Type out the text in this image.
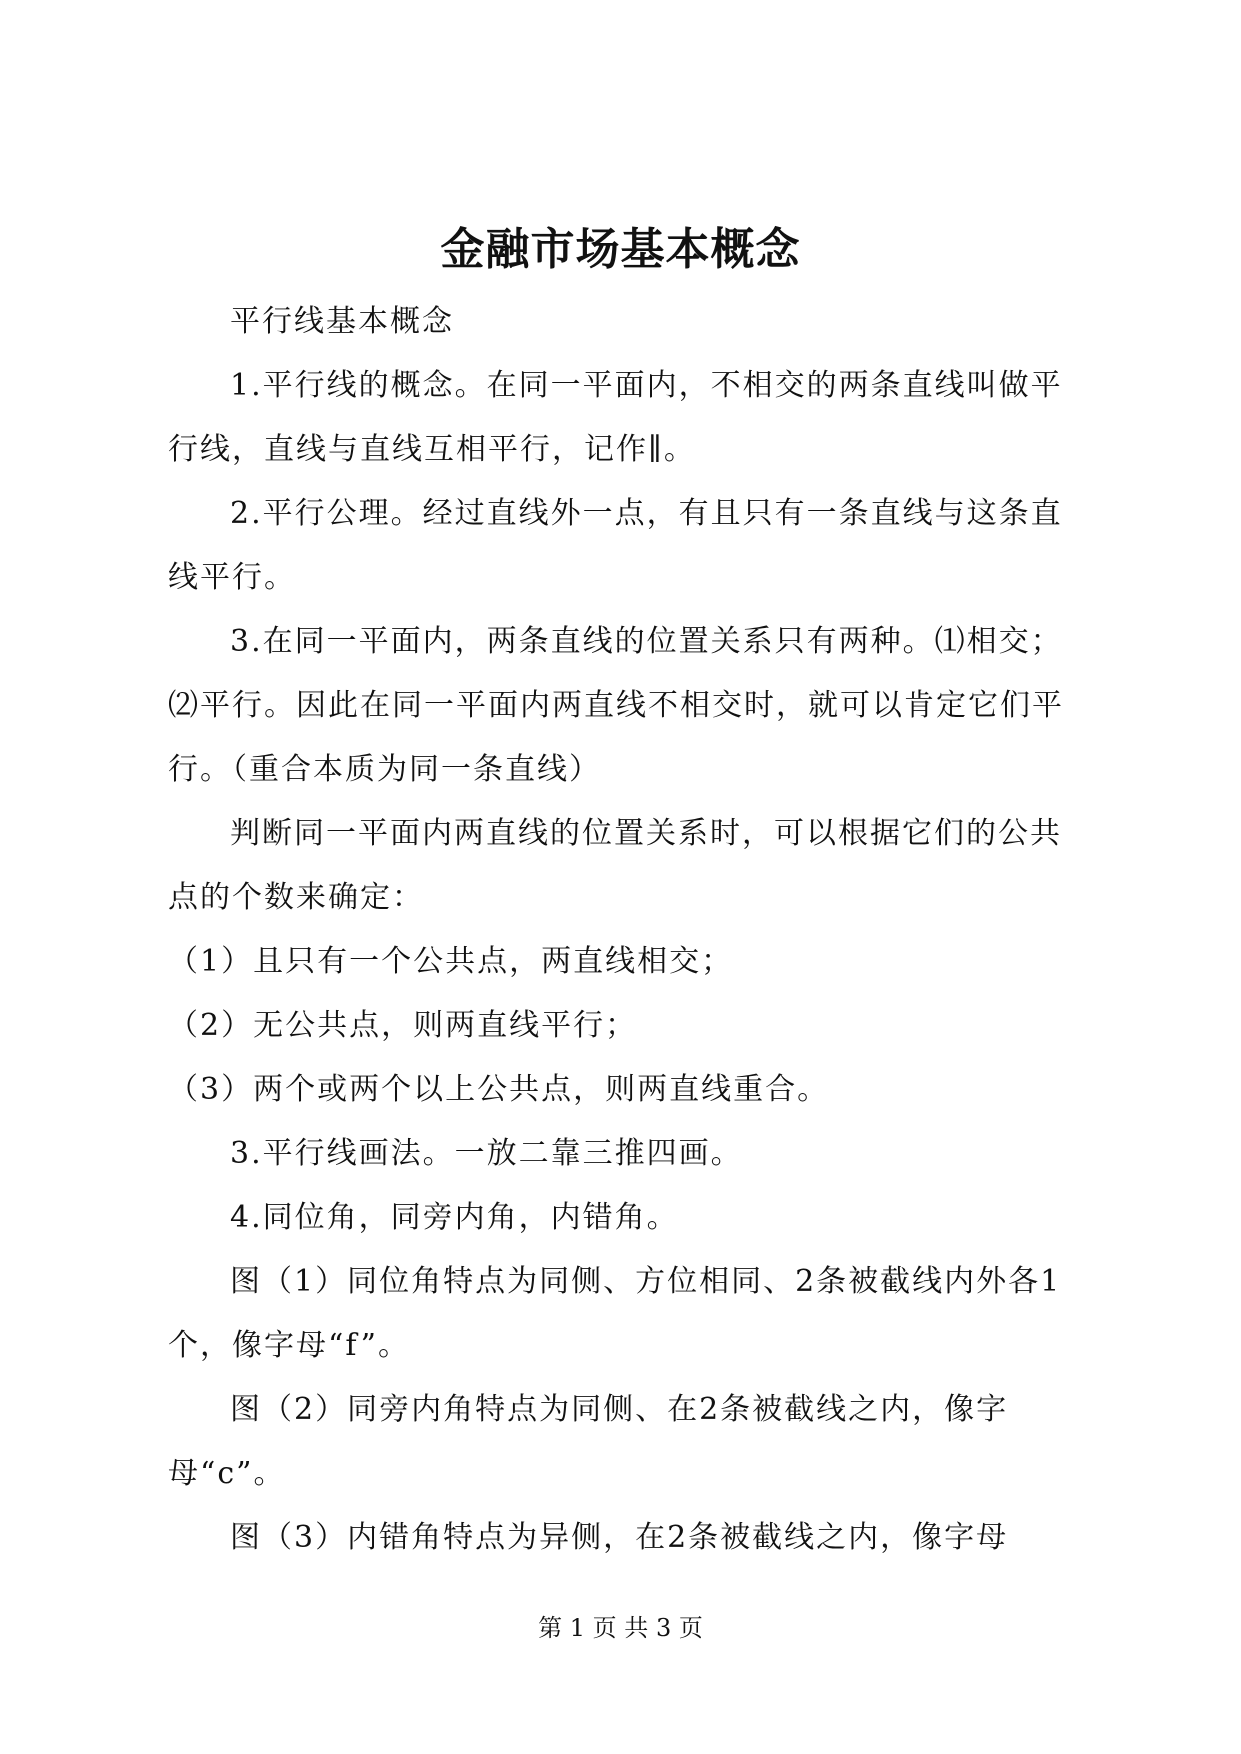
金融市场基本概念

平行线基本概念

1.平行线的概念。在同一平面内，不相交的两条直线叫做平行线，直线与直线互相平行，记作∥。

2.平行公理。经过直线外一点，有且只有一条直线与这条直线平行。

3.在同一平面内，两条直线的位置关系只有两种。⑴相交；⑵平行。因此在同一平面内两直线不相交时，就可以肯定它们平行。（重合本质为同一条直线）

判断同一平面内两直线的位置关系时，可以根据它们的公共点的个数来确定：

（1）且只有一个公共点，两直线相交；

（2）无公共点，则两直线平行；

（3）两个或两个以上公共点，则两直线重合。

3.平行线画法。一放二靠三推四画。

4.同位角，同旁内角，内错角。

图（1）同位角特点为同侧、方位相同、2条被截线内外各1个，像字母“f”。

图（2）同旁内角特点为同侧、在2条被截线之内，像字母“c”。

图（3）内错角特点为异侧，在2条被截线之内，像字母

第 1 页 共 3 页
